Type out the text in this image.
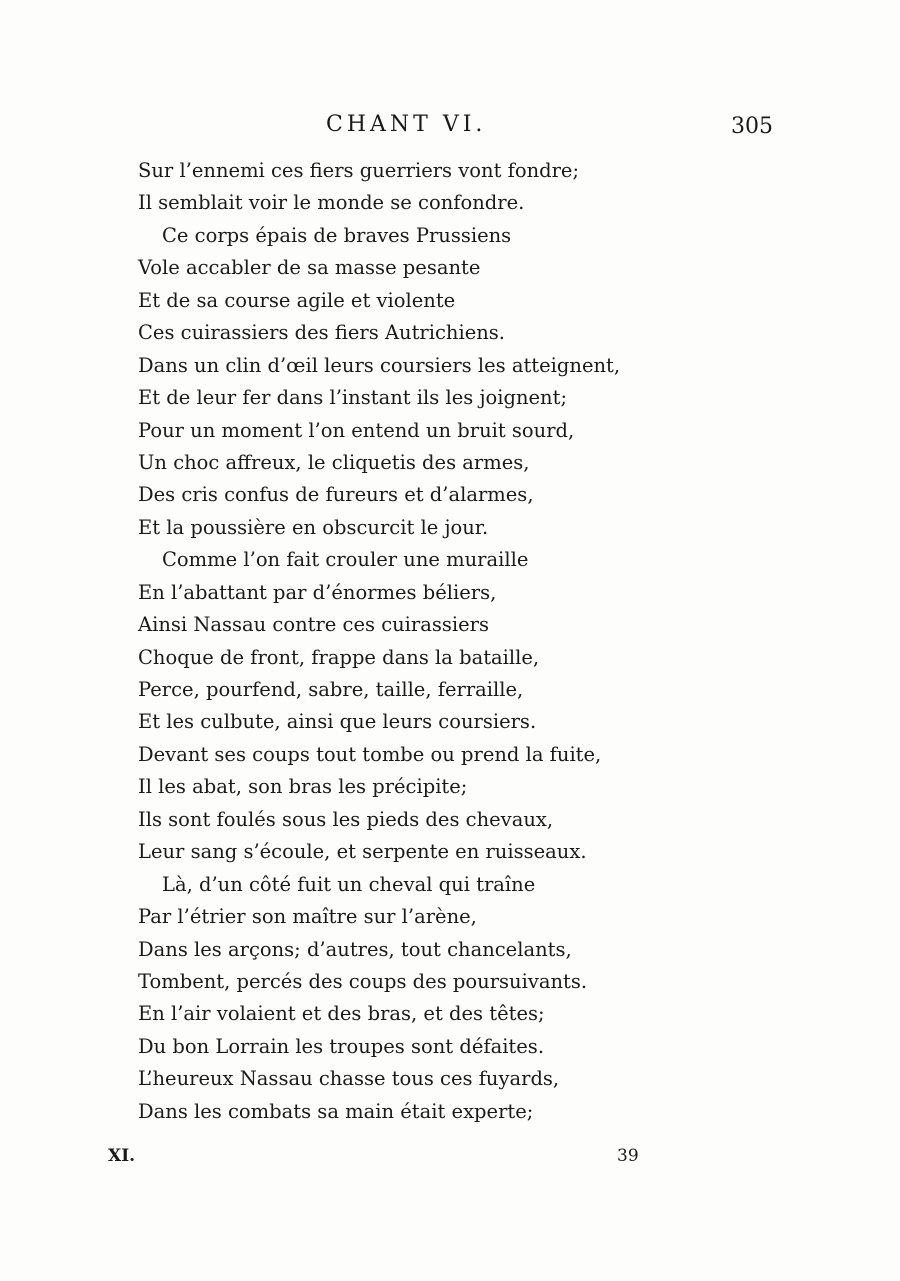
CHANT VI.	305
Sur l’ennemi ces fiers guerriers vont fondre;
Il semblait voir le monde se confondre.
Ce corps épais de braves Prussiens
Vole accabler de sa masse pesante
Et de sa course agile et violente
Ces cuirassiers des fiers Autrichiens.
Dans un clin d’œil leurs coursiers les atteignent,
Et de leur fer dans l’instant ils les joignent;
Pour un moment l’on entend un bruit sourd,
Un choc affreux, le cliquetis des armes,
Des cris confus de fureurs et d’alarmes,
Et la poussière en obscurcit le jour.
Comme l’on fait crouler une muraille
En l’abattant par d’énormes béliers,
Ainsi Nassau contre ces cuirassiers
Choque de front, frappe dans la bataille,
Perce, pourfend, sabre, taille, ferraille,
Et les culbute, ainsi que leurs coursiers.
Devant ses coups tout tombe ou prend la fuite,
Il les abat, son bras les précipite;
Ils sont foulés sous les pieds des chevaux,
Leur sang s’écoule, et serpente en ruisseaux.
Là, d’un côté fuit un cheval qui traîne
Par l’étrier son maître sur l’arène,
Dans les arçons; d’autres, tout chancelants,
Tombent, percés des coups des poursuivants.
En l’air volaient et des bras, et des têtes;
Du bon Lorrain les troupes sont défaites.
L’heureux Nassau chasse tous ces fuyards,
Dans les combats sa main était experte;
XI.	39
